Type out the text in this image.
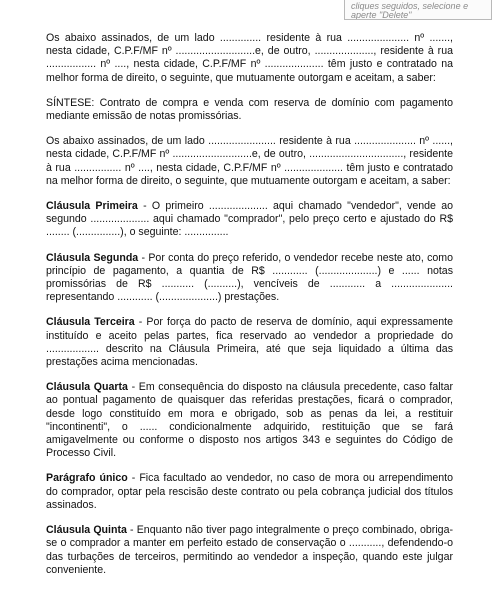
cliques seguidos, selecione e
aperte "Delete"

Os abaixo assinados, de um lado .............. residente à rua ..................... nº ......., nesta cidade, C.P.F/MF nº ...........................e, de outro, ...................., residente à rua ................. nº ...., nesta cidade, C.P.F/MF nº .................... têm justo e contratado na melhor forma de direito, o seguinte, que mutuamente outorgam e aceitam, a saber:

SÍNTESE: Contrato de compra e venda com reserva de domínio com pagamento mediante emissão de notas promissórias.

Os abaixo assinados, de um lado ....................... residente à rua ..................... nº ......, nesta cidade, C.P.F/MF nº ...........................e, de outro, ................................, residente à rua ................ nº ...., nesta cidade, C.P.F/MF nº .................... têm justo e contratado na melhor forma de direito, o seguinte, que mutuamente outorgam e aceitam, a saber:

Cláusula Primeira - O primeiro .................... aqui chamado "vendedor", vende ao segundo .................... aqui chamado "comprador", pelo preço certo e ajustado do R$ ........ (...............), o seguinte: ...............

Cláusula Segunda - Por conta do preço referido, o vendedor recebe neste ato, como princípio de pagamento, a quantia de R$ ............ (....................) e ...... notas promissórias de R$ ........... (..........), vencíveis de ............ a ..................... representando ............ (....................) prestações.

Cláusula Terceira - Por força do pacto de reserva de domínio, aqui expressamente instituído e aceito pelas partes, fica reservado ao vendedor a propriedade do .................. descrito na Cláusula Primeira, até que seja liquidado a última das prestações acima mencionadas.

Cláusula Quarta - Em consequência do disposto na cláusula precedente, caso faltar ao pontual pagamento de quaisquer das referidas prestações, ficará o comprador, desde logo constituído em mora e obrigado, sob as penas da lei, a restituir "incontinenti", o ...... condicionalmente adquirido, restituição que se fará amigavelmente ou conforme o disposto nos artigos 343 e seguintes do Código de Processo Civil.

Parágrafo único - Fica facultado ao vendedor, no caso de mora ou arrependimento do comprador, optar pela rescisão deste contrato ou pela cobrança judicial dos títulos assinados.

Cláusula Quinta - Enquanto não tiver pago integralmente o preço combinado, obriga-se o comprador a manter em perfeito estado de conservação o ..........., defendendo-o das turbações de terceiros, permitindo ao vendedor a inspeção, quando este julgar conveniente.
